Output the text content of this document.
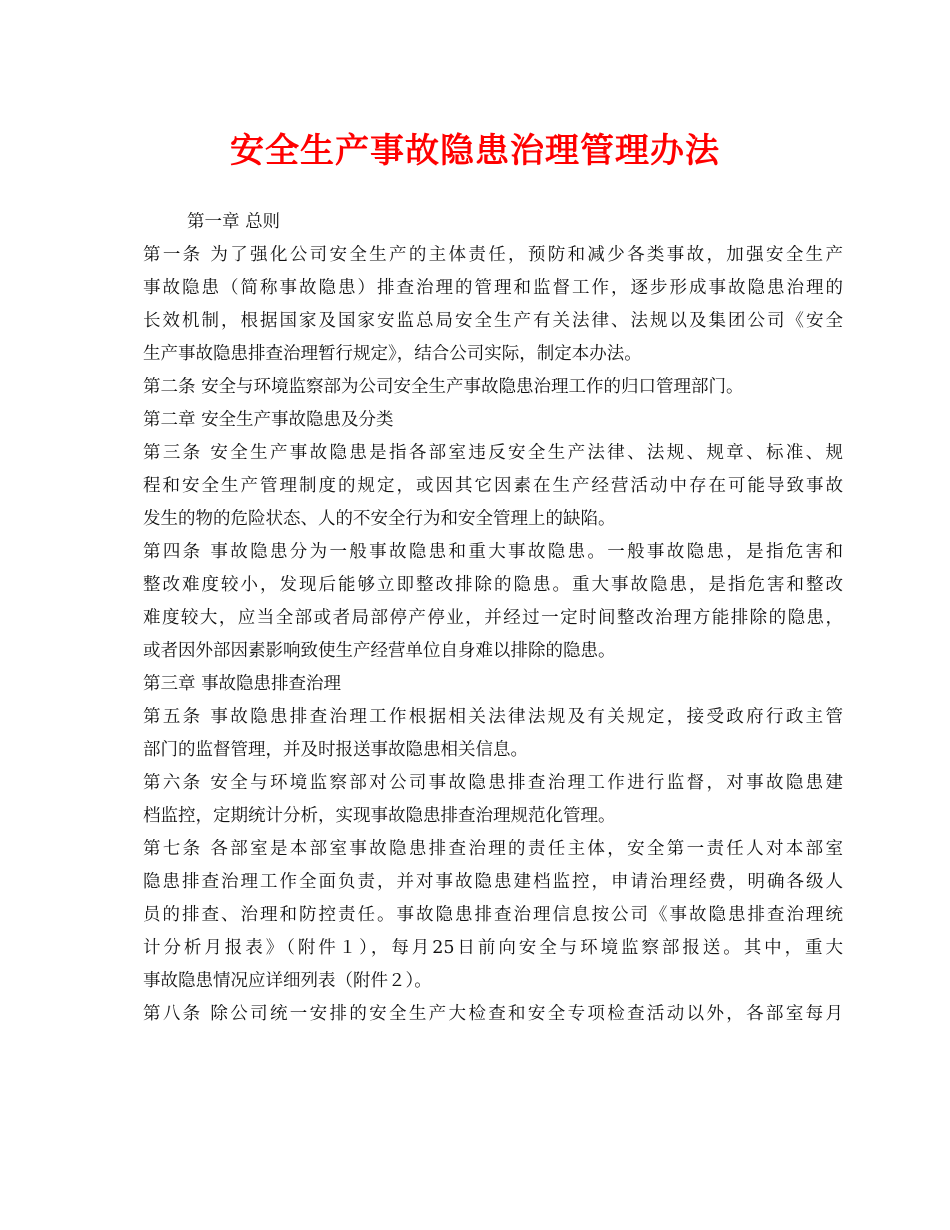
安全生产事故隐患治理管理办法
第一章 总则
第一条 为了强化公司安全生产的主体责任，预防和减少各类事故，加强安全生产
事故隐患（简称事故隐患）排查治理的管理和监督工作，逐步形成事故隐患治理的
长效机制，根据国家及国家安监总局安全生产有关法律、法规以及集团公司《安全
生产事故隐患排查治理暂行规定》，结合公司实际，制定本办法。
第二条 安全与环境监察部为公司安全生产事故隐患治理工作的归口管理部门。
第二章 安全生产事故隐患及分类
第三条 安全生产事故隐患是指各部室违反安全生产法律、法规、规章、标准、规
程和安全生产管理制度的规定，或因其它因素在生产经营活动中存在可能导致事故
发生的物的危险状态、人的不安全行为和安全管理上的缺陷。
第四条 事故隐患分为一般事故隐患和重大事故隐患。一般事故隐患，是指危害和
整改难度较小，发现后能够立即整改排除的隐患。重大事故隐患，是指危害和整改
难度较大，应当全部或者局部停产停业，并经过一定时间整改治理方能排除的隐患，
或者因外部因素影响致使生产经营单位自身难以排除的隐患。
第三章 事故隐患排查治理
第五条 事故隐患排查治理工作根据相关法律法规及有关规定，接受政府行政主管
部门的监督管理，并及时报送事故隐患相关信息。
第六条 安全与环境监察部对公司事故隐患排查治理工作进行监督，对事故隐患建
档监控，定期统计分析，实现事故隐患排查治理规范化管理。
第七条 各部室是本部室事故隐患排查治理的责任主体，安全第一责任人对本部室
隐患排查治理工作全面负责，并对事故隐患建档监控，申请治理经费，明确各级人
员的排查、治理和防控责任。事故隐患排查治理信息按公司《事故隐患排查治理统
计分析月报表》（附件１），每月25日前向安全与环境监察部报送。其中，重大
事故隐患情况应详细列表（附件２）。
第八条 除公司统一安排的安全生产大检查和安全专项检查活动以外，各部室每月
